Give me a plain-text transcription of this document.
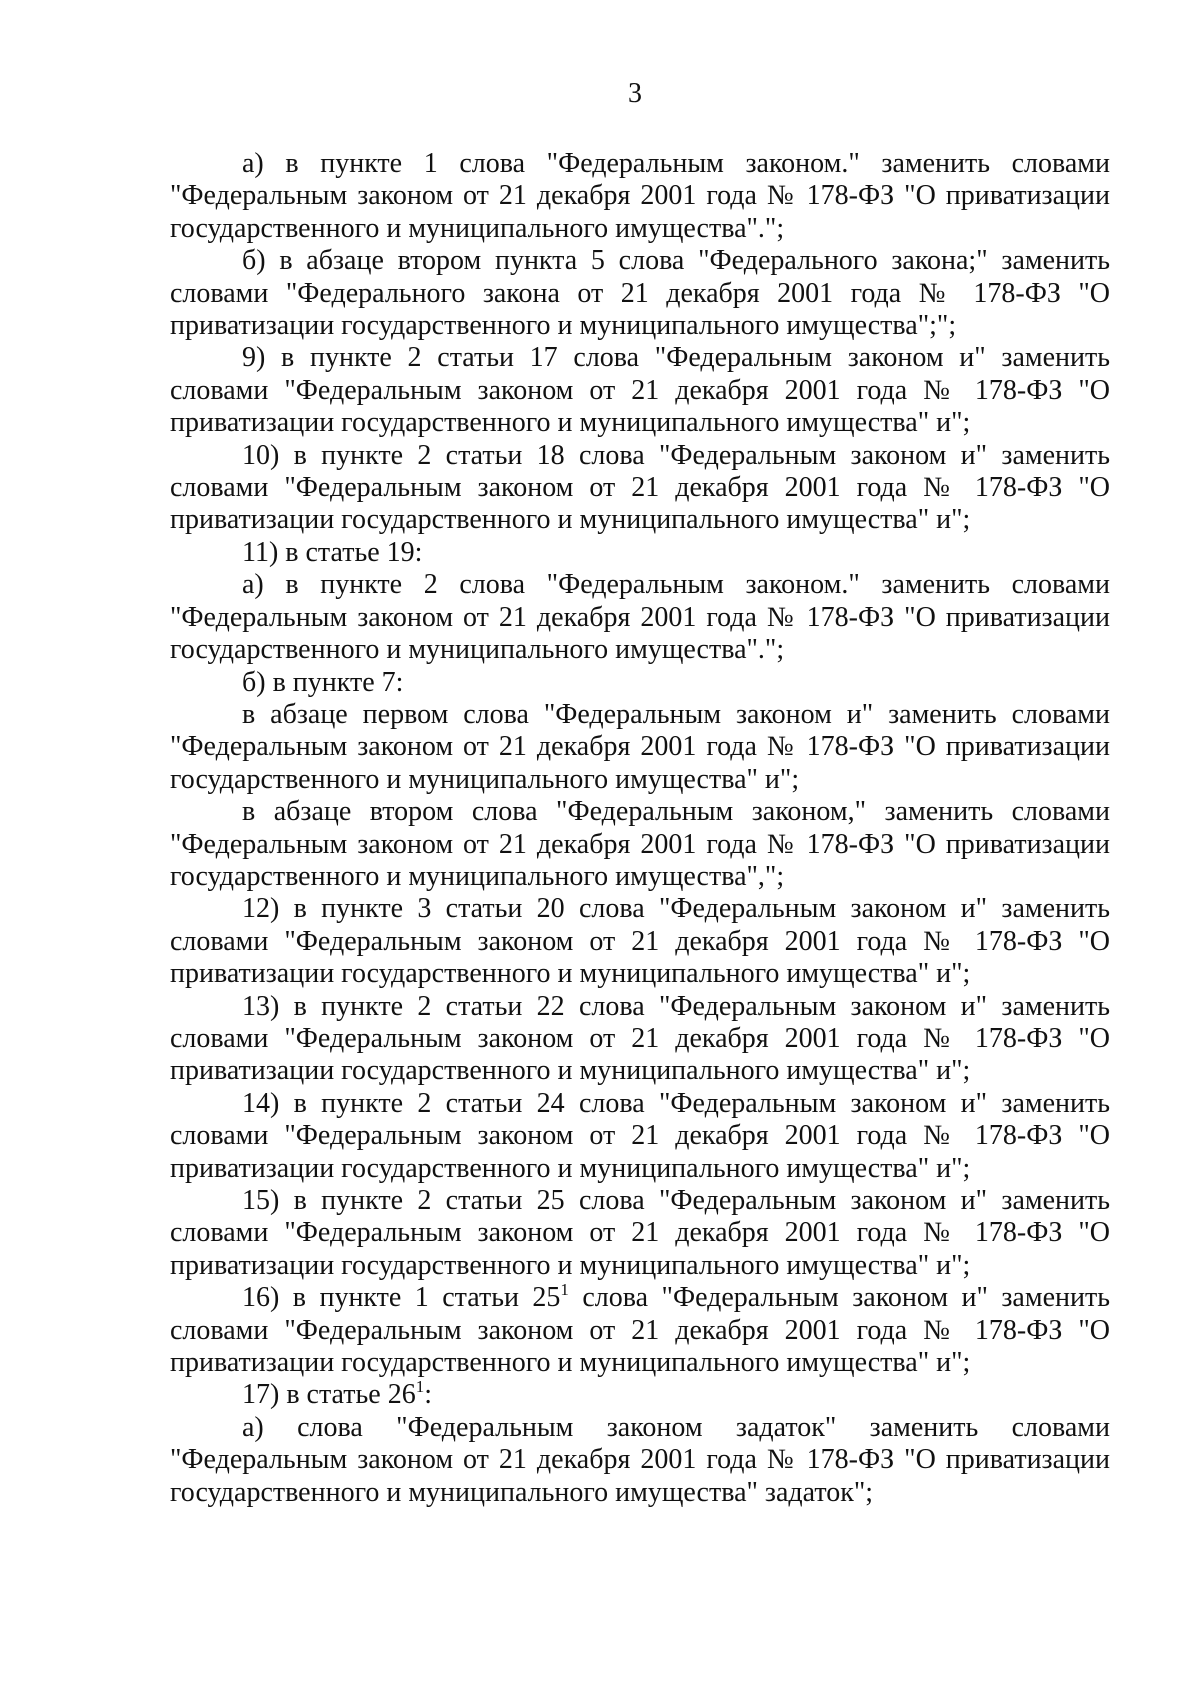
3

а) в пункте 1 слова "Федеральным законом." заменить словами "Федеральным законом от 21 декабря 2001 года № 178-ФЗ "О приватизации государственного и муниципального имущества".";

б) в абзаце втором пункта 5 слова "Федерального закона;" заменить словами "Федерального закона от 21 декабря 2001 года № 178-ФЗ "О приватизации государственного и муниципального имущества";";

9) в пункте 2 статьи 17 слова "Федеральным законом и" заменить словами "Федеральным законом от 21 декабря 2001 года № 178-ФЗ "О приватизации государственного и муниципального имущества" и";

10) в пункте 2 статьи 18 слова "Федеральным законом и" заменить словами "Федеральным законом от 21 декабря 2001 года № 178-ФЗ "О приватизации государственного и муниципального имущества" и";

11) в статье 19:

а) в пункте 2 слова "Федеральным законом." заменить словами "Федеральным законом от 21 декабря 2001 года № 178-ФЗ "О приватизации государственного и муниципального имущества".";

б) в пункте 7:

в абзаце первом слова "Федеральным законом и" заменить словами "Федеральным законом от 21 декабря 2001 года № 178-ФЗ "О приватизации государственного и муниципального имущества" и";

в абзаце втором слова "Федеральным законом," заменить словами "Федеральным законом от 21 декабря 2001 года № 178-ФЗ "О приватизации государственного и муниципального имущества",";

12) в пункте 3 статьи 20 слова "Федеральным законом и" заменить словами "Федеральным законом от 21 декабря 2001 года № 178-ФЗ "О приватизации государственного и муниципального имущества" и";

13) в пункте 2 статьи 22 слова "Федеральным законом и" заменить словами "Федеральным законом от 21 декабря 2001 года № 178-ФЗ "О приватизации государственного и муниципального имущества" и";

14) в пункте 2 статьи 24 слова "Федеральным законом и" заменить словами "Федеральным законом от 21 декабря 2001 года № 178-ФЗ "О приватизации государственного и муниципального имущества" и";

15) в пункте 2 статьи 25 слова "Федеральным законом и" заменить словами "Федеральным законом от 21 декабря 2001 года № 178-ФЗ "О приватизации государственного и муниципального имущества" и";

16) в пункте 1 статьи $25^1$ слова "Федеральным законом и" заменить словами "Федеральным законом от 21 декабря 2001 года № 178-ФЗ "О приватизации государственного и муниципального имущества" и";

17) в статье $26^1$:

а) слова "Федеральным законом задаток" заменить словами "Федеральным законом от 21 декабря 2001 года № 178-ФЗ "О приватизации государственного и муниципального имущества" задаток";
